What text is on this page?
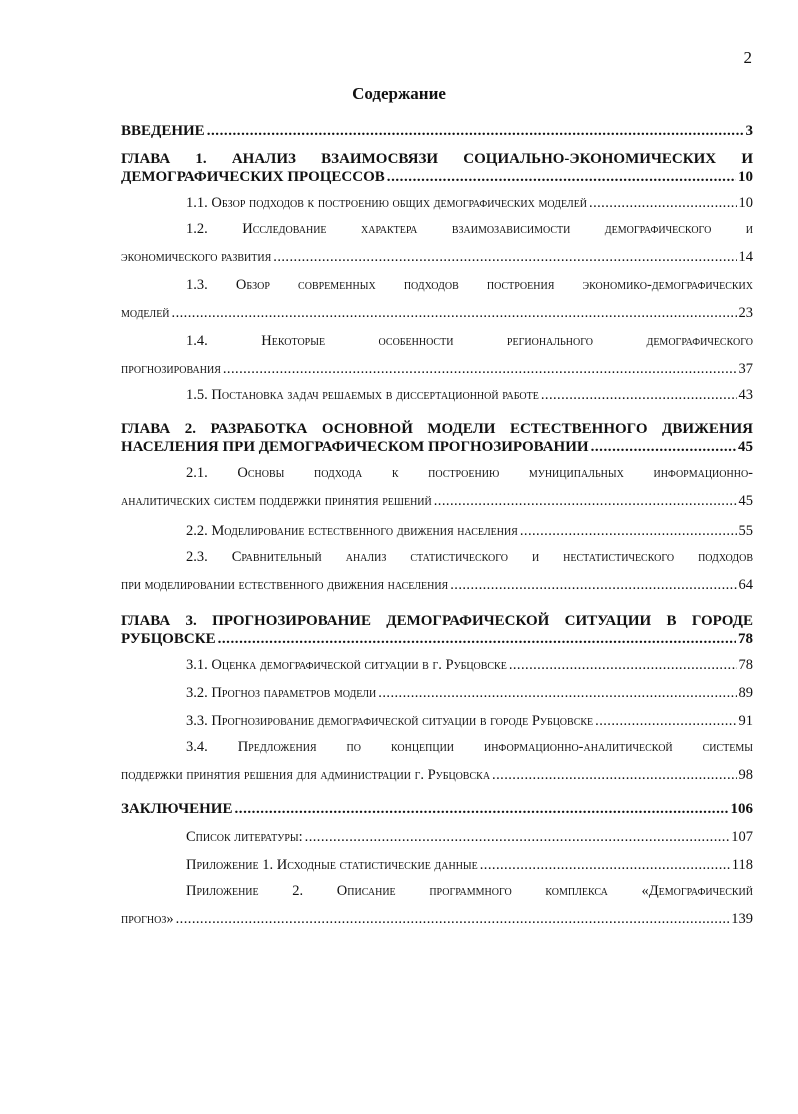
2
Содержание
ВВЕДЕНИЕ . . .	3
ГЛАВА 1. АНАЛИЗ ВЗАИМОСВЯЗИ СОЦИАЛЬНО-ЭКОНОМИЧЕСКИХ И
ДЕМОГРАФИЧЕСКИХ ПРОЦЕССОВ . . .	10
1.1. Обзор подходов к построению общих демографических моделей . . .	10
1.2. Исследование характера взаимозависимости демографического и
экономического развития . . .	14
1.3. Обзор современных подходов построения экономико-демографических
моделей . . .	23
1.4. Некоторые особенности регионального демографического
прогнозирования . . .	37
1.5. Постановка задач решаемых в диссертационной работе . . .	43
ГЛАВА 2. РАЗРАБОТКА ОСНОВНОЙ МОДЕЛИ ЕСТЕСТВЕННОГО ДВИЖЕНИЯ
НАСЕЛЕНИЯ ПРИ ДЕМОГРАФИЧЕСКОМ ПРОГНОЗИРОВАНИИ . . .	45
2.1. Основы подхода к построению муниципальных информационно-
аналитических систем поддержки принятия решений . . .	45
2.2. Моделирование естественного движения населения . . .	55
2.3. Сравнительный анализ статистического и нестатистического подходов
при моделировании естественного движения населения . . .	64
ГЛАВА 3. ПРОГНОЗИРОВАНИЕ ДЕМОГРАФИЧЕСКОЙ СИТУАЦИИ В ГОРОДЕ
РУБЦОВСКЕ . . .	78
3.1. Оценка демографической ситуации в г. Рубцовске . . .	78
3.2. Прогноз параметров модели . . .	89
3.3. Прогнозирование демографической ситуации в городе Рубцовске . . .	91
3.4. Предложения по концепции информационно-аналитической системы
поддержки принятия решения для администрации г. Рубцовска . . .	98
ЗАКЛЮЧЕНИЕ . . .	106
Список литературы: . . .	107
Приложение 1. Исходные статистические данные . . .	118
Приложение 2. Описание программного комплекса «Демографический
прогноз» . . .	139
